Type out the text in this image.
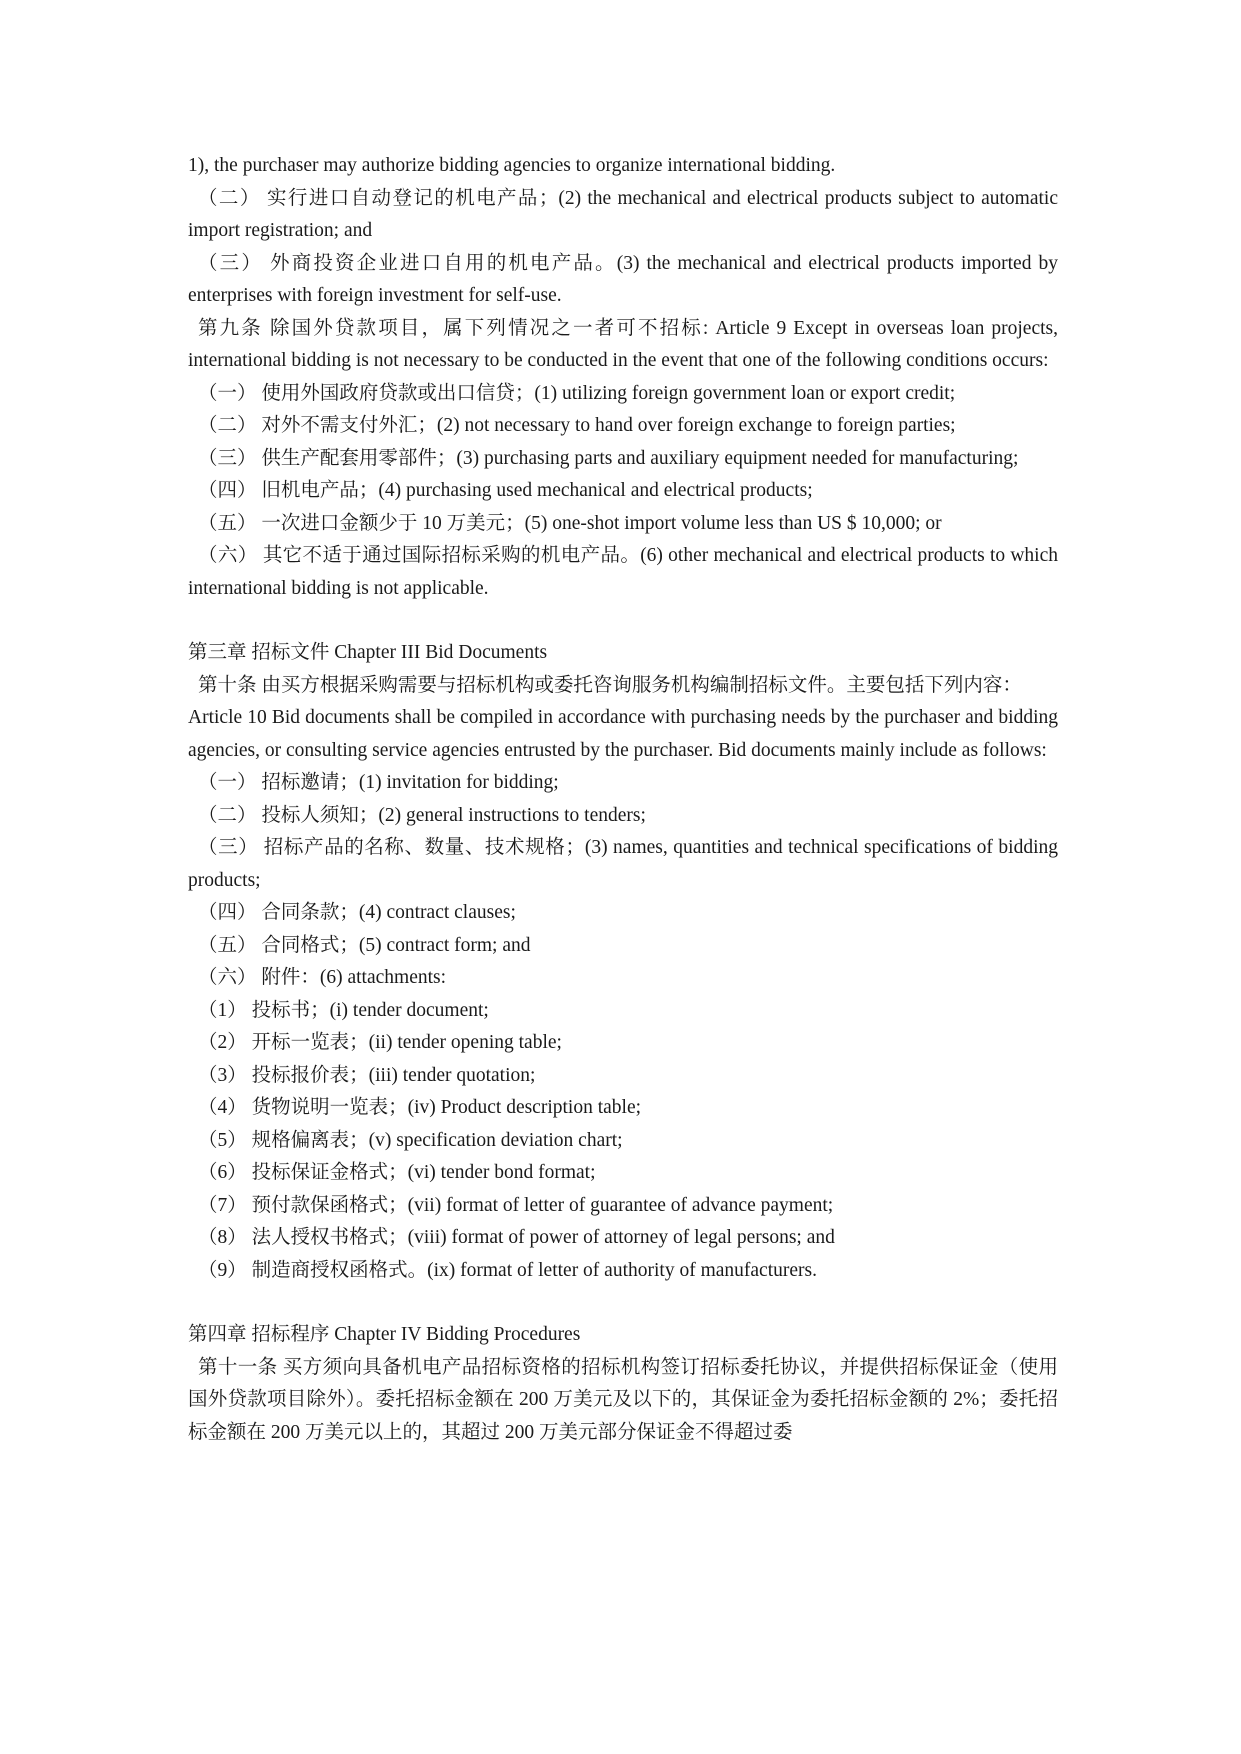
1), the purchaser may authorize bidding agencies to organize international bidding.

（二） 实行进口自动登记的机电产品；(2) the mechanical and electrical products subject to automatic import registration; and

（三） 外商投资企业进口自用的机电产品。(3) the mechanical and electrical products imported by enterprises with foreign investment for self-use.

第九条 除国外贷款项目，属下列情况之一者可不招标: Article 9 Except in overseas loan projects, international bidding is not necessary to be conducted in the event that one of the following conditions occurs:

（一） 使用外国政府贷款或出口信贷；(1) utilizing foreign government loan or export credit;

（二） 对外不需支付外汇；(2) not necessary to hand over foreign exchange to foreign parties;

（三） 供生产配套用零部件；(3) purchasing parts and auxiliary equipment needed for manufacturing;

（四） 旧机电产品；(4) purchasing used mechanical and electrical products;

（五） 一次进口金额少于 10 万美元；(5) one-shot import volume less than US $ 10,000; or

（六） 其它不适于通过国际招标采购的机电产品。(6) other mechanical and electrical products to which international bidding is not applicable.

第三章 招标文件 Chapter III Bid Documents

第十条 由买方根据采购需要与招标机构或委托咨询服务机构编制招标文件。主要包括下列内容：

Article 10 Bid documents shall be compiled in accordance with purchasing needs by the purchaser and bidding agencies, or consulting service agencies entrusted by the purchaser. Bid documents mainly include as follows:

（一） 招标邀请；(1) invitation for bidding;

（二） 投标人须知；(2) general instructions to tenders;

（三） 招标产品的名称、数量、技术规格；(3) names, quantities and technical specifications of bidding products;

（四） 合同条款；(4) contract clauses;

（五） 合同格式；(5) contract form; and

（六） 附件：(6) attachments:

（1） 投标书；(i) tender document;

（2） 开标一览表；(ii) tender opening table;

（3） 投标报价表；(iii) tender quotation;

（4） 货物说明一览表；(iv) Product description table;

（5） 规格偏离表；(v) specification deviation chart;

（6） 投标保证金格式；(vi) tender bond format;

（7） 预付款保函格式；(vii) format of letter of guarantee of advance payment;

（8） 法人授权书格式；(viii) format of power of attorney of legal persons; and

（9） 制造商授权函格式。(ix) format of letter of authority of manufacturers.

第四章 招标程序 Chapter IV Bidding Procedures

第十一条 买方须向具备机电产品招标资格的招标机构签订招标委托协议，并提供招标保证金（使用国外贷款项目除外）。委托招标金额在 200 万美元及以下的，其保证金为委托招标金额的 2%；委托招标金额在 200 万美元以上的，其超过 200 万美元部分保证金不得超过委
